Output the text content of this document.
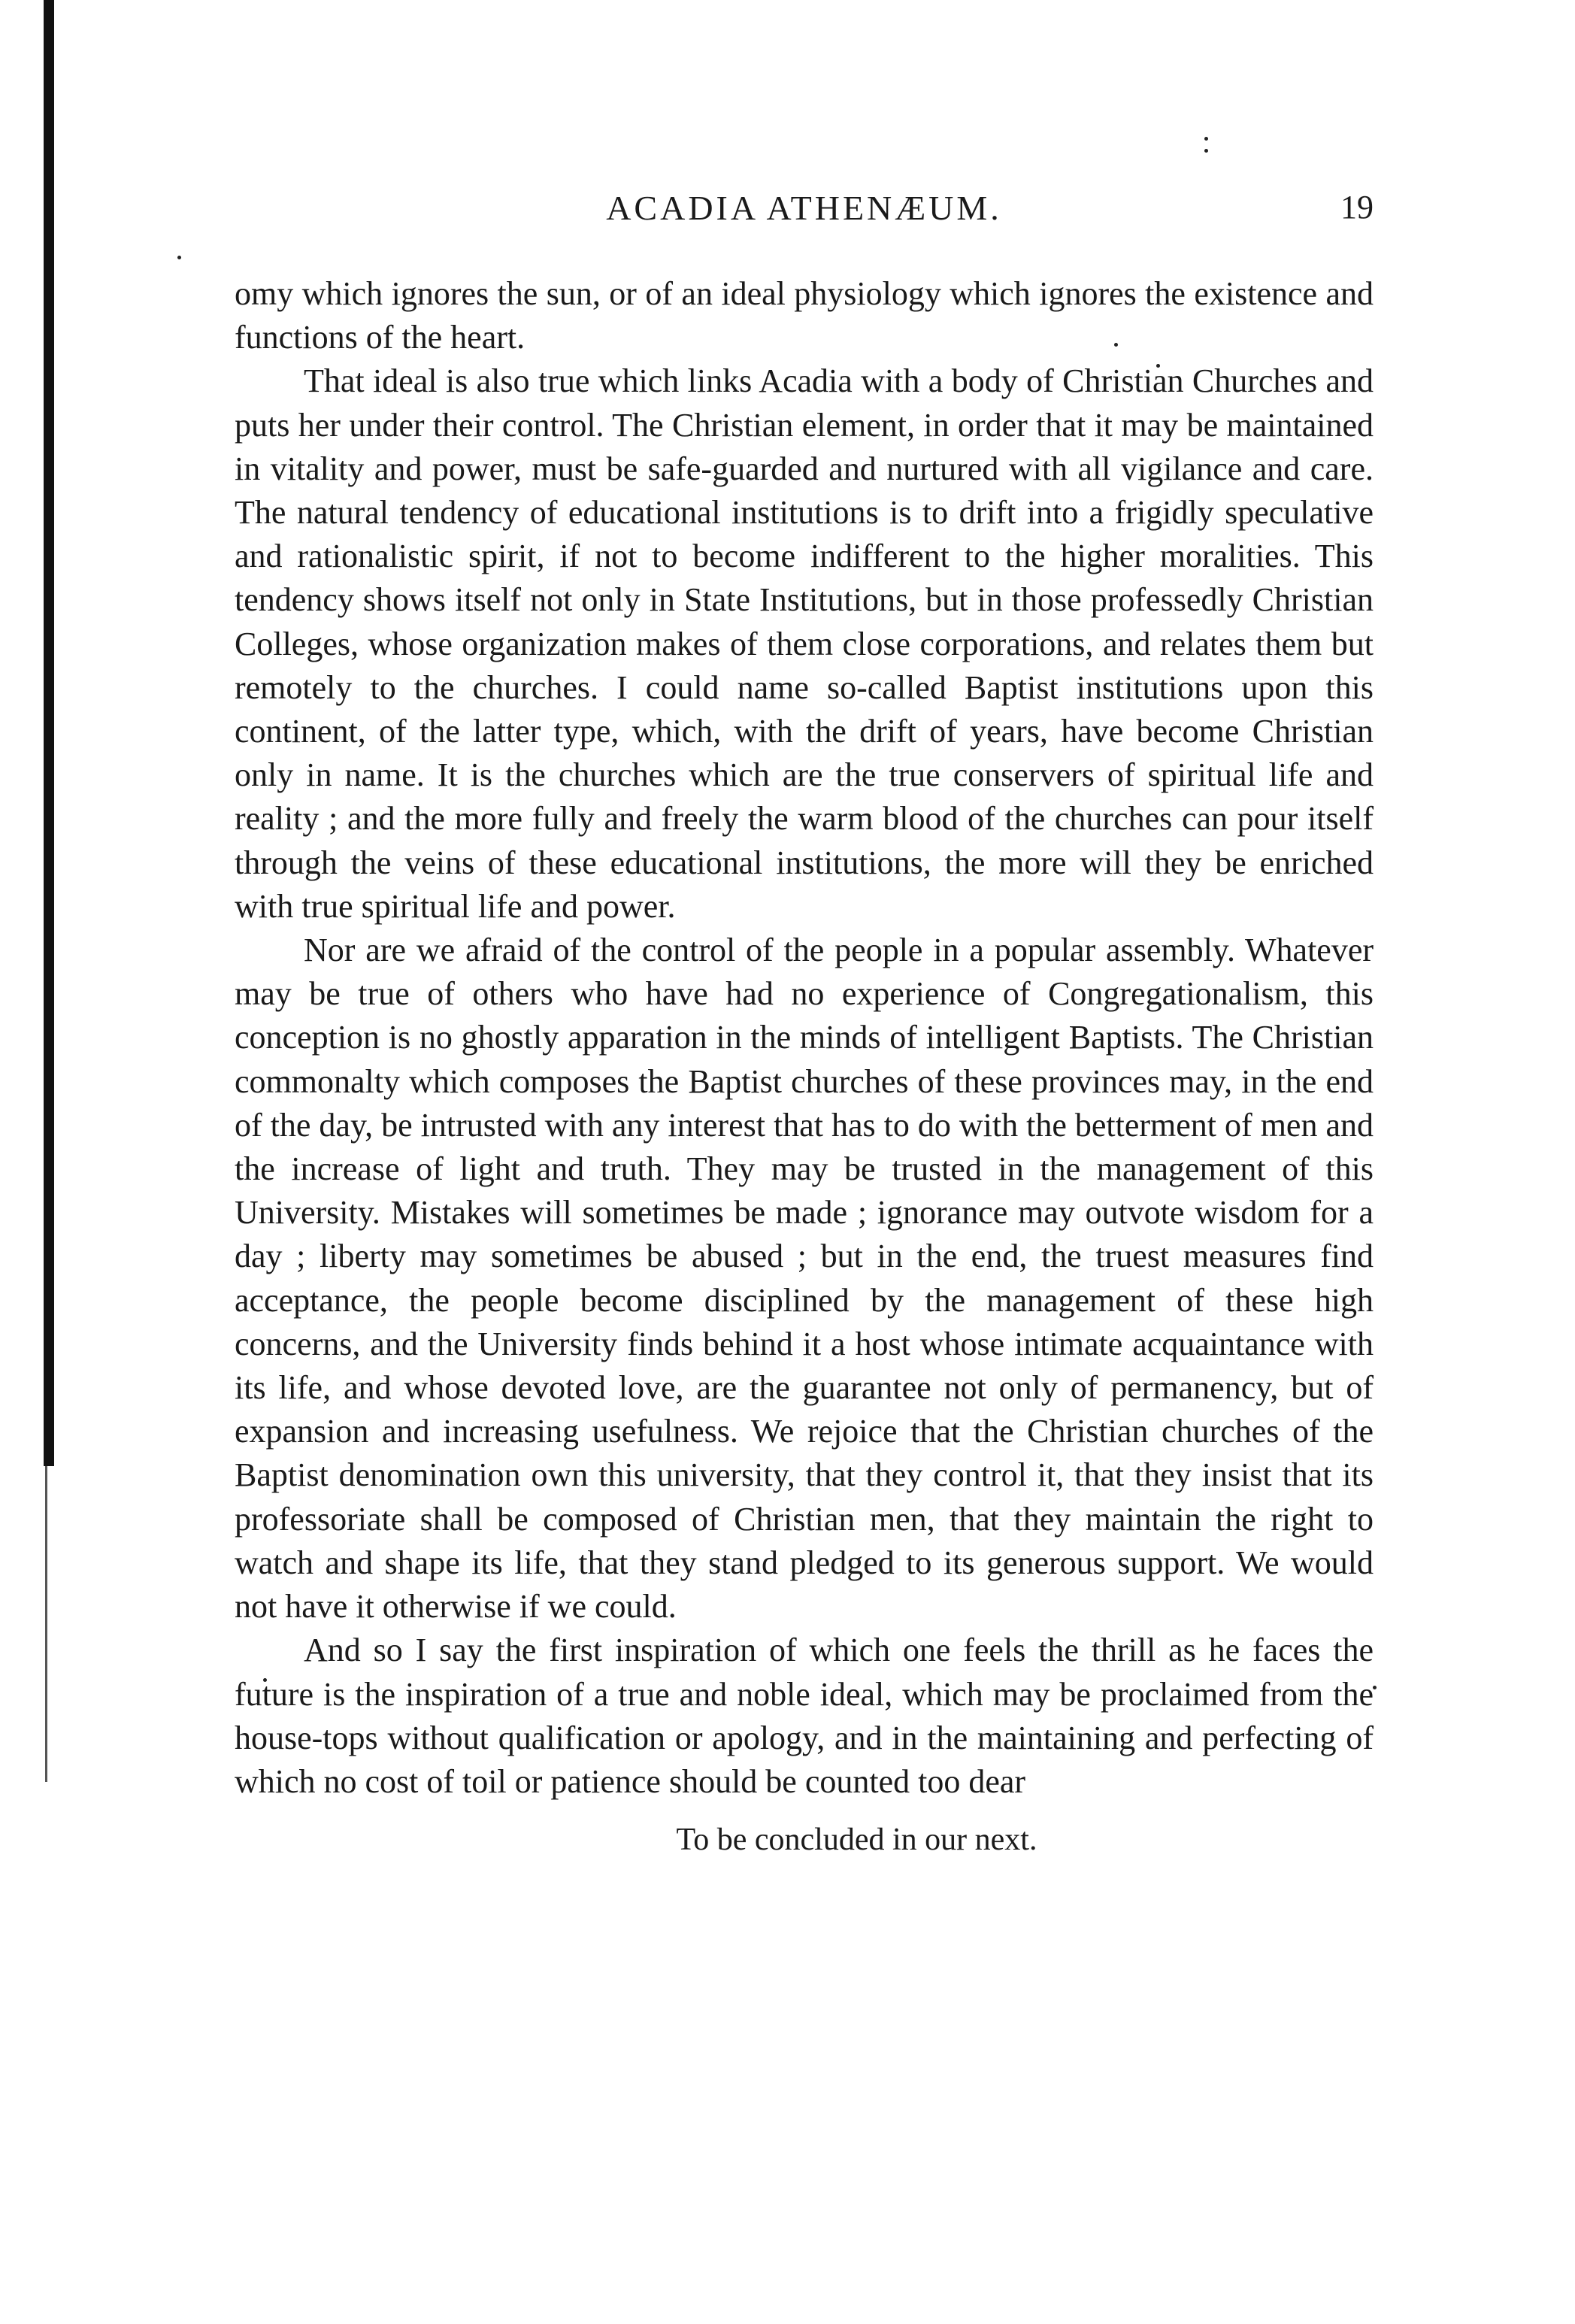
ACADIA ATHENÆUM.	19

omy which ignores the sun, or of an ideal physiology which ignores the existence and functions of the heart.

That ideal is also true which links Acadia with a body of Christian Churches and puts her under their control. The Christian element, in order that it may be maintained in vitality and power, must be safe-guarded and nurtured with all vigilance and care. The natural tendency of educational institutions is to drift into a frigidly speculative and rationalistic spirit, if not to become indifferent to the higher moralities. This tendency shows itself not only in State Institutions, but in those professedly Christian Colleges, whose organization makes of them close corporations, and relates them but remotely to the churches. I could name so-called Baptist institutions upon this continent, of the latter type, which, with the drift of years, have become Christian only in name. It is the churches which are the true conservers of spiritual life and reality ; and the more fully and freely the warm blood of the churches can pour itself through the veins of these educational institutions, the more will they be enriched with true spiritual life and power.

Nor are we afraid of the control of the people in a popular assembly. Whatever may be true of others who have had no experience of Congregationalism, this conception is no ghostly apparation in the minds of intelligent Baptists. The Christian commonalty which composes the Baptist churches of these provinces may, in the end of the day, be intrusted with any interest that has to do with the betterment of men and the increase of light and truth. They may be trusted in the management of this University. Mistakes will sometimes be made ; ignorance may outvote wisdom for a day ; liberty may sometimes be abused ; but in the end, the truest measures find acceptance, the people become disciplined by the management of these high concerns, and the University finds behind it a host whose intimate acquaintance with its life, and whose devoted love, are the guarantee not only of permanency, but of expansion and increasing usefulness. We rejoice that the Christian churches of the Baptist denomination own this university, that they control it, that they insist that its professoriate shall be composed of Christian men, that they maintain the right to watch and shape its life, that they stand pledged to its generous support. We would not have it otherwise if we could.

And so I say the first inspiration of which one feels the thrill as he faces the future is the inspiration of a true and noble ideal, which may be proclaimed from the house-tops without qualification or apology, and in the maintaining and perfecting of which no cost of toil or patience should be counted too dear

To be concluded in our next.
